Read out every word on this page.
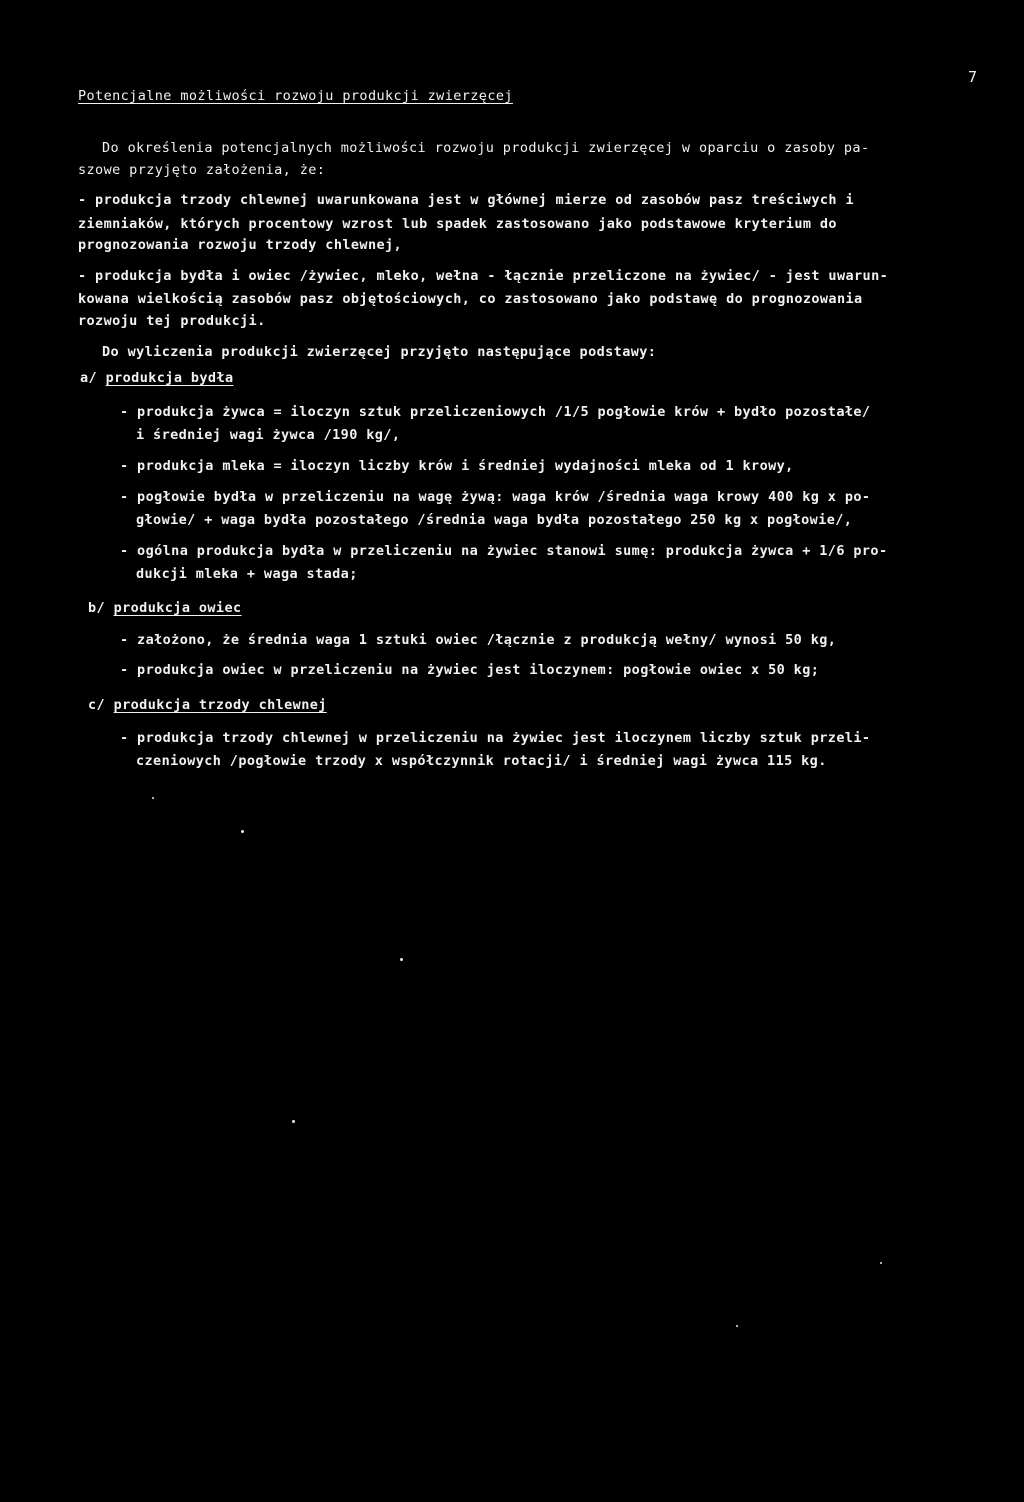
7
Potencjalne możliwości rozwoju produkcji zwierzęcej
Do określenia potencjalnych możliwości rozwoju produkcji zwierzęcej w oparciu o zasoby pa-
szowe przyjęto założenia, że:
- produkcja trzody chlewnej uwarunkowana jest w głównej mierze od zasobów pasz treściwych i
ziemniaków, których procentowy wzrost lub spadek zastosowano jako podstawowe kryterium do
prognozowania rozwoju trzody chlewnej,
- produkcja bydła i owiec /żywiec, mleko, wełna - łącznie przeliczone na żywiec/ - jest uwarun-
kowana wielkością zasobów pasz objętościowych, co zastosowano jako podstawę do prognozowania
rozwoju tej produkcji.
Do wyliczenia produkcji zwierzęcej przyjęto następujące podstawy:
a/ produkcja bydła
- produkcja żywca = iloczyn sztuk przeliczeniowych /1/5 pogłowie krów + bydło pozostałe/
i średniej wagi żywca /190 kg/,
- produkcja mleka = iloczyn liczby krów i średniej wydajności mleka od 1 krowy,
- pogłowie bydła w przeliczeniu na wagę żywą: waga krów /średnia waga krowy 400 kg x po-
głowie/ + waga bydła pozostałego /średnia waga bydła pozostałego 250 kg x pogłowie/,
- ogólna produkcja bydła w przeliczeniu na żywiec stanowi sumę: produkcja żywca + 1/6 pro-
dukcji mleka + waga stada;
b/ produkcja owiec
- założono, że średnia waga 1 sztuki owiec /łącznie z produkcją wełny/ wynosi 50 kg,
- produkcja owiec w przeliczeniu na żywiec jest iloczynem: pogłowie owiec x 50 kg;
c/ produkcja trzody chlewnej
- produkcja trzody chlewnej w przeliczeniu na żywiec jest iloczynem liczby sztuk przeli-
czeniowych /pogłowie trzody x współczynnik rotacji/ i średniej wagi żywca 115 kg.
